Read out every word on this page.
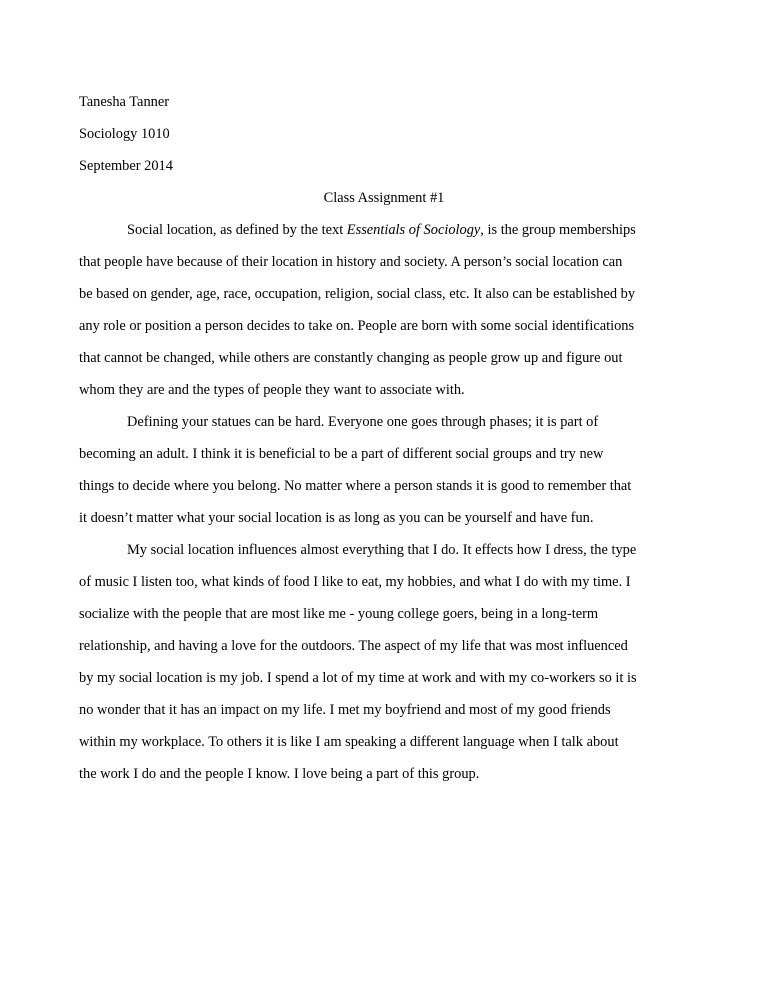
Tanesha Tanner
Sociology 1010
September 2014
Class Assignment #1
Social location, as defined by the text Essentials of Sociology, is the group memberships
that people have because of their location in history and society. A person’s social location can
be based on gender, age, race, occupation, religion, social class, etc. It also can be established by
any role or position a person decides to take on. People are born with some social identifications
that cannot be changed, while others are constantly changing as people grow up and figure out
whom they are and the types of people they want to associate with.
Defining your statues can be hard. Everyone one goes through phases; it is part of
becoming an adult. I think it is beneficial to be a part of different social groups and try new
things to decide where you belong. No matter where a person stands it is good to remember that
it doesn’t matter what your social location is as long as you can be yourself and have fun.
My social location influences almost everything that I do. It effects how I dress, the type
of music I listen too, what kinds of food I like to eat, my hobbies, and what I do with my time. I
socialize with the people that are most like me - young college goers, being in a long-term
relationship, and having a love for the outdoors. The aspect of my life that was most influenced
by my social location is my job. I spend a lot of my time at work and with my co-workers so it is
no wonder that it has an impact on my life. I met my boyfriend and most of my good friends
within my workplace. To others it is like I am speaking a different language when I talk about
the work I do and the people I know. I love being a part of this group.
